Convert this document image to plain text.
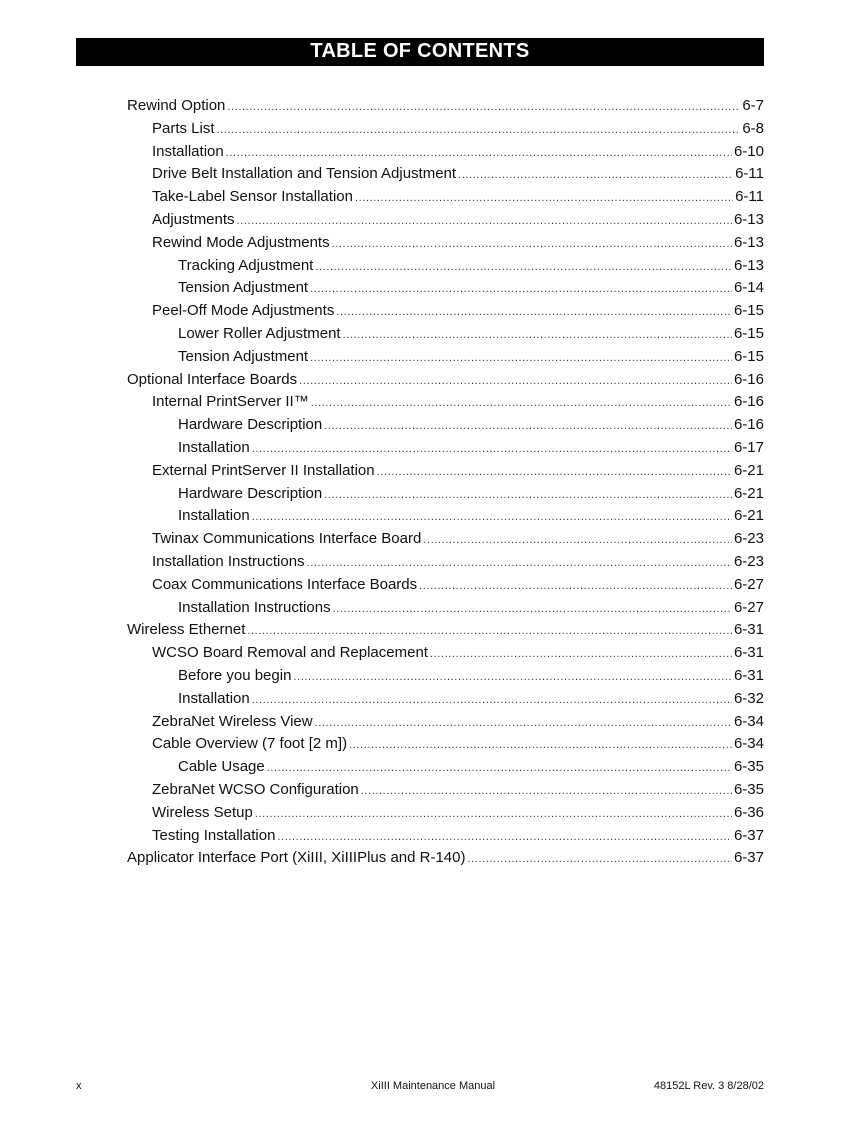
TABLE OF CONTENTS
Rewind Option .....	6-7
Parts List .....	6-8
Installation .....	6-10
Drive Belt Installation and Tension Adjustment .....	6-11
Take-Label Sensor Installation .....	6-11
Adjustments .....	6-13
Rewind Mode Adjustments .....	6-13
Tracking Adjustment .....	6-13
Tension Adjustment .....	6-14
Peel-Off Mode Adjustments .....	6-15
Lower Roller Adjustment .....	6-15
Tension Adjustment .....	6-15
Optional Interface Boards .....	6-16
Internal PrintServer II™ .....	6-16
Hardware Description .....	6-16
Installation .....	6-17
External PrintServer II Installation .....	6-21
Hardware Description .....	6-21
Installation .....	6-21
Twinax Communications Interface Board .....	6-23
Installation Instructions .....	6-23
Coax Communications Interface Boards .....	6-27
Installation Instructions .....	6-27
Wireless Ethernet .....	6-31
WCSO Board Removal and Replacement .....	6-31
Before you begin .....	6-31
Installation .....	6-32
ZebraNet Wireless View .....	6-34
Cable Overview (7 foot [2 m]) .....	6-34
Cable Usage .....	6-35
ZebraNet WCSO Configuration .....	6-35
Wireless Setup .....	6-36
Testing Installation .....	6-37
Applicator Interface Port (XiIII, XiIIIPlus and R-140) .....	6-37
x	XiIII Maintenance Manual	48152L Rev. 3 8/28/02
